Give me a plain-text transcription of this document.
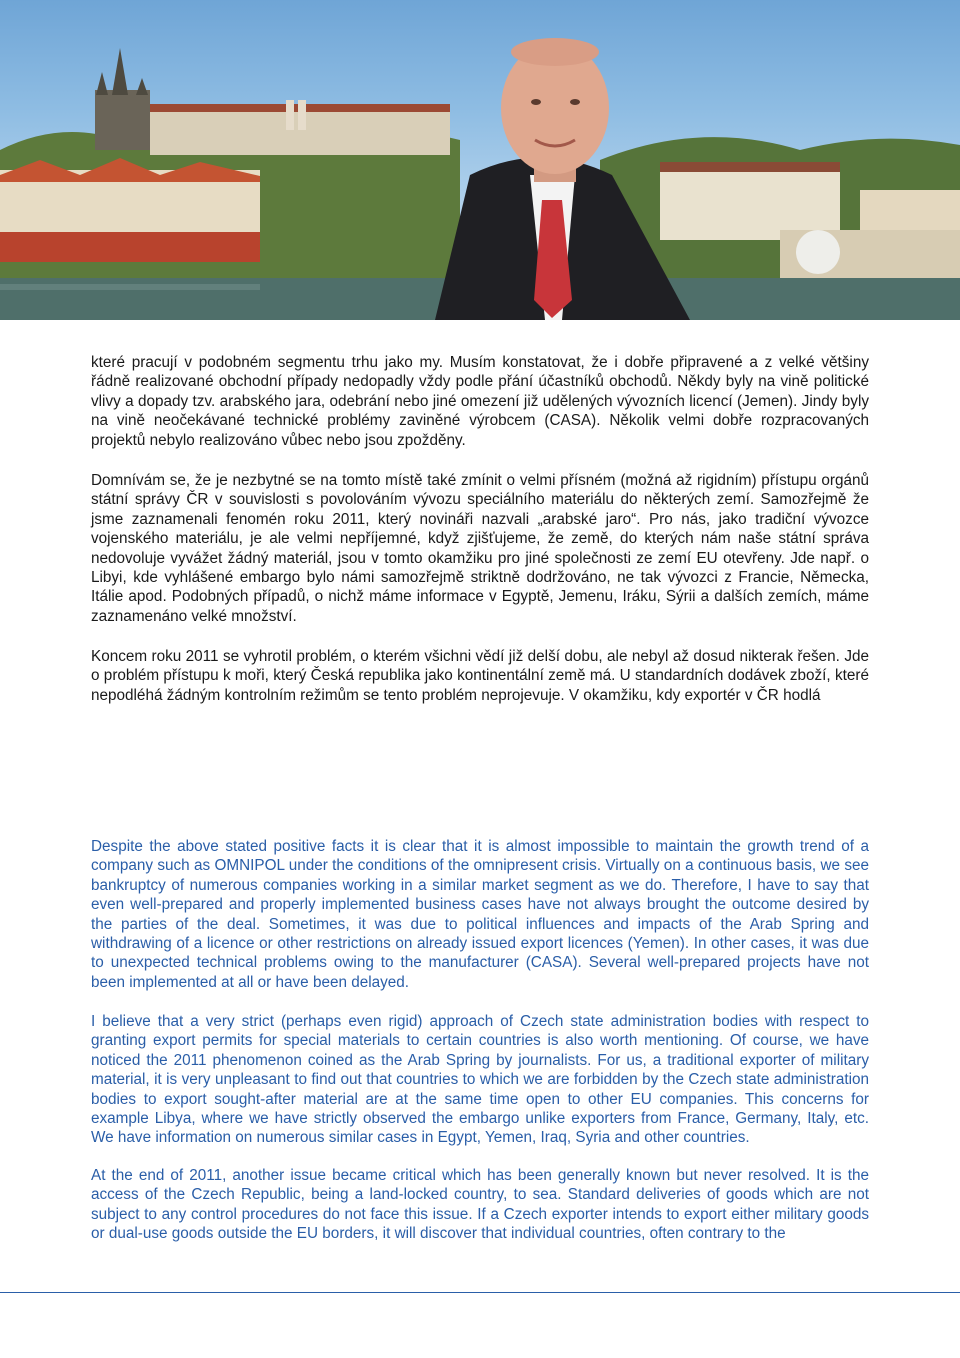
které pracují v podobném segmentu trhu jako my. Musím konstatovat, že i dobře připravené a z velké většiny řádně realizované obchodní případy nedopadly vždy podle přání účastníků obchodů. Někdy byly na vině politické vlivy a dopady tzv. arabského jara, odebrání nebo jiné omezení již udělených vývozních licencí (Jemen). Jindy byly na vině neočekávané technické problémy zaviněné výrobcem (CASA). Několik velmi dobře rozpracovaných projektů nebylo realizováno vůbec nebo jsou zpožděny.

Domnívám se, že je nezbytné se na tomto místě také zmínit o velmi přísném (možná až rigidním) přístupu orgánů státní správy ČR v souvislosti s povolováním vývozu speciálního materiálu do některých zemí. Samozřejmě že jsme zaznamenali fenomén roku 2011, který novináři nazvali „arabské jaro“. Pro nás, jako tradiční vývozce vojenského materiálu, je ale velmi nepříjemné, když zjišťujeme, že země, do kterých nám naše státní správa nedovoluje vyvážet žádný materiál, jsou v tomto okamžiku pro jiné společnosti ze zemí EU otevřeny. Jde např. o Libyi, kde vyhlášené embargo bylo námi samozřejmě striktně dodržováno, ne tak vývozci z Francie, Německa, Itálie apod. Podobných případů, o nichž máme informace v Egyptě, Jemenu, Iráku, Sýrii a dalších zemích, máme zaznamenáno velké množství.

Koncem roku 2011 se vyhrotil problém, o kterém všichni vědí již delší dobu, ale nebyl až dosud nikterak řešen. Jde o problém přístupu k moři, který Česká republika jako kontinentální země má. U standardních dodávek zboží, které nepodléhá žádným kontrolním režimům se tento problém neprojevuje. V okamžiku, kdy exportér v ČR hodlá

Despite the above stated positive facts it is clear that it is almost impossible to maintain the growth trend of a company such as OMNIPOL under the conditions of the omnipresent crisis. Virtually on a continuous basis, we see bankruptcy of numerous companies working in a similar market segment as we do. Therefore, I have to say that even well-prepared and properly implemented business cases have not always brought the outcome desired by the parties of the deal. Sometimes, it was due to political influences and impacts of the Arab Spring and withdrawing of a licence or other restrictions on already issued export licences (Yemen). In other cases, it was due to unexpected technical problems owing to the manufacturer (CASA). Several well-prepared projects have not been implemented at all or have been delayed.

I believe that a very strict (perhaps even rigid) approach of Czech state administration bodies with respect to granting export permits for special materials to certain countries is also worth mentioning. Of course, we have noticed the 2011 phenomenon coined as the Arab Spring by journalists. For us, a traditional exporter of military material, it is very unpleasant to find out that countries to which we are forbidden by the Czech state administration bodies to export sought-after material are at the same time open to other EU companies. This concerns for example Libya, where we have strictly observed the embargo unlike exporters from France, Germany, Italy, etc. We have information on numerous similar cases in Egypt, Yemen, Iraq, Syria and other countries.

At the end of 2011, another issue became critical which has been generally known but never resolved. It is the access of the Czech Republic, being a land-locked country, to sea. Standard deliveries of goods which are not subject to any control procedures do not face this issue. If a Czech exporter intends to export either military goods or dual-use goods outside the EU borders, it will discover that individual countries, often contrary to the
